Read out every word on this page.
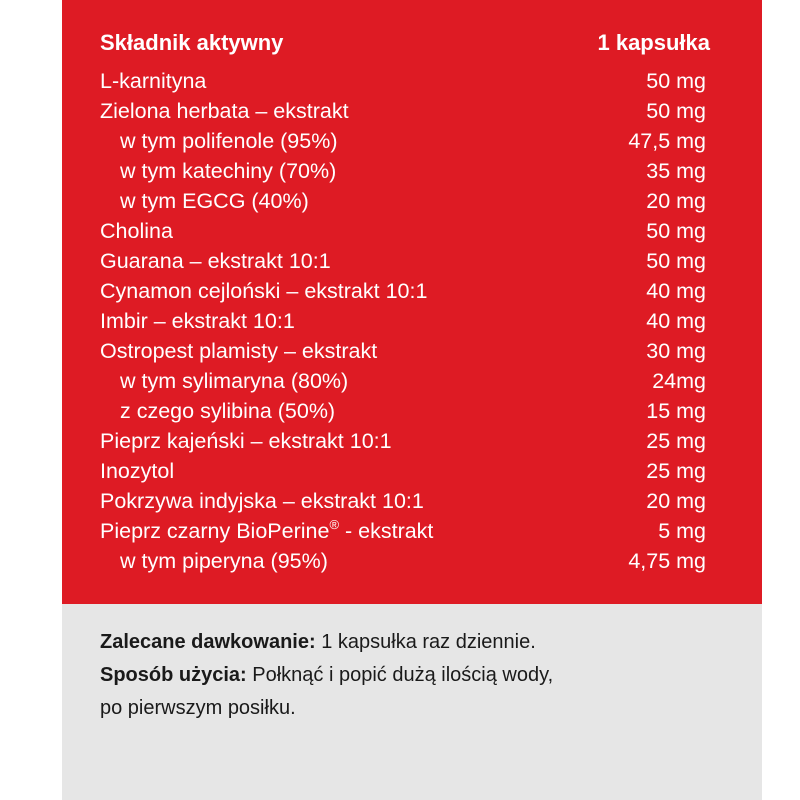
Składnik aktywny	1 kapsułka
L-karnityna	50 mg
Zielona herbata – ekstrakt	50 mg
w tym polifenole (95%)	47,5 mg
w tym katechiny (70%)	35 mg
w tym EGCG (40%)	20 mg
Cholina	50 mg
Guarana – ekstrakt 10:1	50 mg
Cynamon cejloński – ekstrakt 10:1	40 mg
Imbir – ekstrakt 10:1	40 mg
Ostropest plamisty – ekstrakt	30 mg
w tym sylimaryna (80%)	24mg
z czego sylibina (50%)	15 mg
Pieprz kajeński – ekstrakt 10:1	25 mg
Inozytol	25 mg
Pokrzywa indyjska – ekstrakt 10:1	20 mg
Pieprz czarny BioPerine® - ekstrakt	5 mg
w tym piperyna (95%)	4,75 mg

Zalecane dawkowanie: 1 kapsułka raz dziennie.

Sposób użycia: Połknąć i popić dużą ilością wody,

po pierwszym posiłku.
